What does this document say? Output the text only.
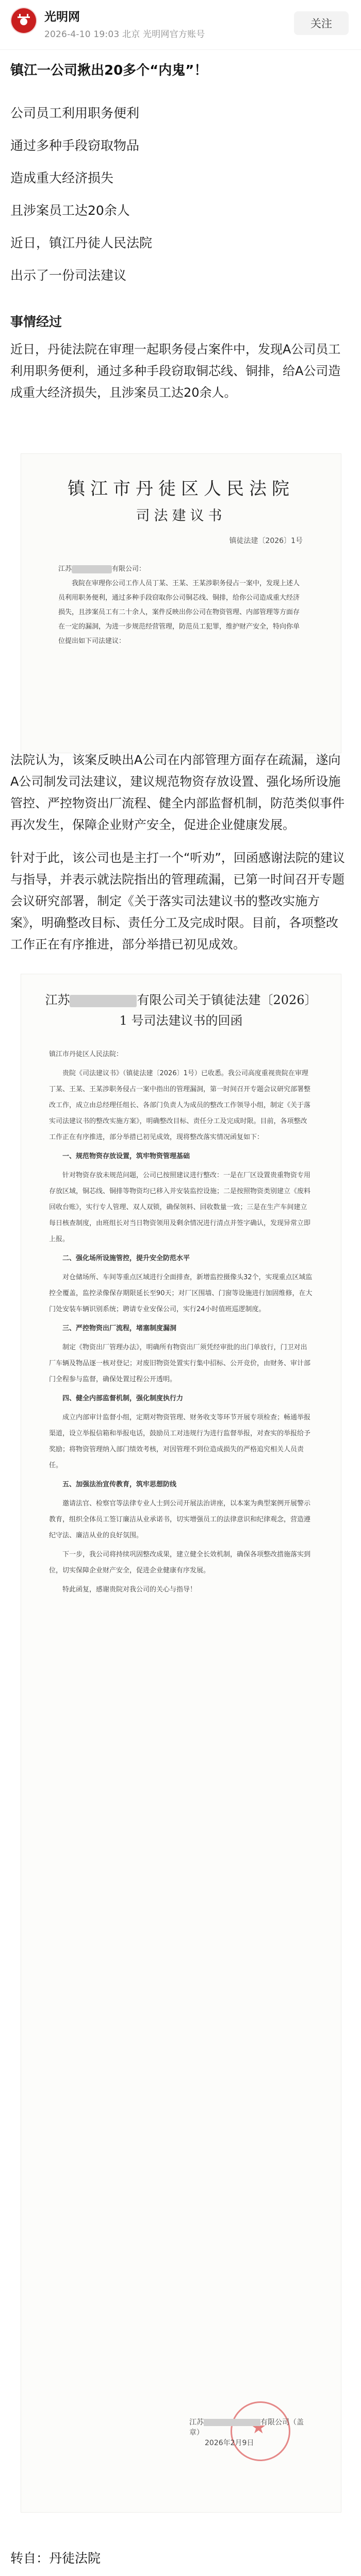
光明网
2026-4-10 19:03 北京 光明网官方账号
关注
镇江一公司揪出20多个“内鬼”！

公司员工利用职务便利

通过多种手段窃取物品

造成重大经济损失

且涉案员工达20余人

近日，镇江丹徒人民法院

出示了一份司法建议

事情经过
近日，丹徒法院在审理一起职务侵占案件中，发现A公司员工利用职务便利，通过多种手段窃取铜芯线、铜排，给A公司造成重大经济损失，且涉案员工达20余人。
镇江市丹徒区人民法院
司法建议书
镇徒法建〔2026〕1号
江苏	有限公司：
我院在审理你公司工作人员丁某、王某、王某涉职务侵占一案中，发现上述人员利用职务便利，通过多种手段窃取你公司铜芯线、铜排，给你公司造成重大经济损失，且涉案员工有二十余人，案件反映出你公司在物资管理、内部管理等方面存在一定的漏洞，为进一步规范经营管理，防范员工犯罪，维护财产安全，特向你单位提出如下司法建议：
法院认为，该案反映出A公司在内部管理方面存在疏漏，遂向A公司制发司法建议，建议规范物资存放设置、强化场所设施管控、严控物资出厂流程、健全内部监督机制，防范类似事件再次发生，保障企业财产安全，促进企业健康发展。
针对于此，该公司也是主打一个“听劝”，回函感谢法院的建议与指导，并表示就法院指出的管理疏漏，已第一时间召开专题会议研究部署，制定《关于落实司法建议书的整改实施方案》，明确整改目标、责任分工及完成时限。目前，各项整改工作正在有序推进，部分举措已初见成效。
江苏	有限公司关于镇徒法建〔2026〕1 号司法建议书的回函

镇江市丹徒区人民法院：

贵院《司法建议书》（镇徒法建〔2026〕1号）已收悉。我公司高度重视贵院在审理丁某、王某、王某涉职务侵占一案中指出的管理漏洞，第一时间召开专题会议研究部署整改工作，成立由总经理任组长、各部门负责人为成员的整改工作领导小组，制定《关于落实司法建议书的整改实施方案》，明确整改目标、责任分工及完成时限。目前，各项整改工作正在有序推进，部分举措已初见成效，现将整改落实情况函复如下：

一、规范物资存放设置，筑牢物资管理基础

针对物资存放未规范问题，公司已按照建议进行整改：一是在厂区设置贵重物资专用存放区域，铜芯线、铜排等物资均已移入并安装监控设施；二是按照物资类别建立《废料回收台账》，实行专人管理、双人双锁，确保领料、回收数量一致；三是在生产车间建立每日核查制度，由班组长对当日物资领用及剩余情况进行清点并签字确认，发现异常立即上报。

二、强化场所设施管控，提升安全防范水平

对仓储场所、车间等重点区域进行全面排查，新增监控摄像头32个，实现重点区域监控全覆盖，监控录像保存期限延长至90天；对厂区围墙、门窗等设施进行加固维修，在大门处安装车辆识别系统；聘请专业安保公司，实行24小时值班巡逻制度。

三、严控物资出厂流程，堵塞制度漏洞

制定《物资出厂管理办法》，明确所有物资出厂须凭经审批的出门单放行，门卫对出厂车辆及物品逐一核对登记；对废旧物资处置实行集中招标、公开竞价，由财务、审计部门全程参与监督，确保处置过程公开透明。

四、健全内部监督机制，强化制度执行力

成立内部审计监督小组，定期对物资管理、财务收支等环节开展专项检查；畅通举报渠道，设立举报信箱和举报电话，鼓励员工对违规行为进行监督举报，对查实的举报给予奖励；将物资管理纳入部门绩效考核，对因管理不到位造成损失的严格追究相关人员责任。

五、加强法治宣传教育，筑牢思想防线

邀请法官、检察官等法律专业人士到公司开展法治讲座，以本案为典型案例开展警示教育，组织全体员工签订廉洁从业承诺书，切实增强员工的法律意识和纪律观念，营造遵纪守法、廉洁从业的良好氛围。

下一步，我公司将持续巩固整改成果，建立健全长效机制，确保各项整改措施落实到位，切实保障企业财产安全，促进企业健康有序发展。

特此函复，感谢贵院对我公司的关心与指导！

★
江苏	有限公司（盖章）
2026年2月9日
转自：丹徒法院
